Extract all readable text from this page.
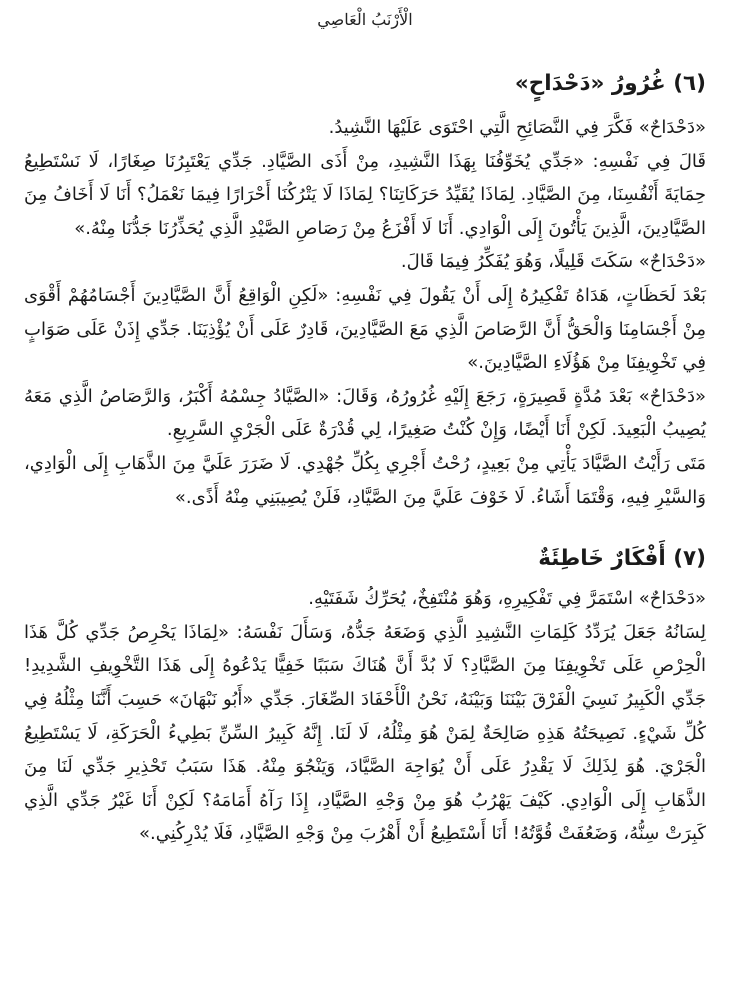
الْأَرْنَبُ الْعَاصِي
(٦) غُرُورُ «دَحْدَاحٍ»

«دَحْدَاحٌ» فَكَّرَ فِي النَّصَائِحِ الَّتِي احْتَوَى عَلَيْهَا النَّشِيدُ.

قَالَ فِي نَفْسِهِ: «جَدِّي يُخَوِّفُنَا بِهَذَا النَّشِيدِ، مِنْ أَذَى الصَّيَّادِ. جَدِّي يَعْتَبِرُنَا صِغَارًا، لَا نَسْتَطِيعُ حِمَايَةَ أَنْفُسِنَا، مِنَ الصَّيَّادِ. لِمَاذَا يُقَيِّدُ حَرَكَاتِنَا؟ لِمَاذَا لَا يَتْرُكُنَا أَحْرَارًا فِيمَا نَعْمَلُ؟ أَنَا لَا أَخَافُ مِنَ الصَّيَّادِينَ، الَّذِينَ يَأْتُونَ إِلَى الْوَادِي. أَنَا لَا أَفْزَعُ مِنْ رَصَاصِ الصَّيْدِ الَّذِي يُحَذِّرُنَا جَدُّنَا مِنْهُ.»

«دَحْدَاحٌ» سَكَتَ قَلِيلًا، وَهُوَ يُفَكِّرُ فِيمَا قَالَ.

بَعْدَ لَحَظَاتٍ، هَدَاهُ تَفْكِيرُهُ إِلَى أَنْ يَقُولَ فِي نَفْسِهِ: «لَكِنِ الْوَاقِعُ أَنَّ الصَّيَّادِينَ أَجْسَامُهُمْ أَقْوَى مِنْ أَجْسَامِنَا وَالْحَقُّ أَنَّ الرَّصَاصَ الَّذِي مَعَ الصَّيَّادِينَ، قَادِرٌ عَلَى أَنْ يُؤْذِيَنَا. جَدِّي إِذَنْ عَلَى صَوَابٍ فِي تَخْوِيفِنَا مِنْ هَؤُلَاءِ الصَّيَّادِينَ.»

«دَحْدَاحٌ» بَعْدَ مُدَّةٍ قَصِيرَةٍ، رَجَعَ إِلَيْهِ غُرُورُهُ، وَقَالَ: «الصَّيَّادُ جِسْمُهُ أَكْبَرُ، وَالرَّصَاصُ الَّذِي مَعَهُ يُصِيبُ الْبَعِيدَ. لَكِنْ أَنَا أَيْضًا، وَإِنْ كُنْتُ صَغِيرًا، لِي قُدْرَةٌ عَلَى الْجَرْيِ السَّرِيعِ.

مَتَى رَأَيْتُ الصَّيَّادَ يَأْتِي مِنْ بَعِيدٍ، رُحْتُ أَجْرِي بِكُلِّ جُهْدِي. لَا ضَرَرَ عَلَيَّ مِنَ الذَّهَابِ إِلَى الْوَادِي، وَالسَّيْرِ فِيهِ، وَقْتَمَا أَشَاءُ. لَا خَوْفَ عَلَيَّ مِنَ الصَّيَّادِ، فَلَنْ يُصِيبَنِي مِنْهُ أَذًى.»

(٧) أَفْكَارٌ خَاطِئَةٌ

«دَحْدَاحٌ» اسْتَمَرَّ فِي تَفْكِيرِهِ، وَهُوَ مُنْتَفِخٌ، يُحَرِّكُ شَفَتَيْهِ.

لِسَانُهُ جَعَلَ يُرَدِّدُ كَلِمَاتِ النَّشِيدِ الَّذِي وَضَعَهُ جَدُّهُ، وَسَأَلَ نَفْسَهُ: «لِمَاذَا يَحْرِصُ جَدِّي كُلَّ هَذَا الْحِرْصِ عَلَى تَخْوِيفِنَا مِنَ الصَّيَّادِ؟ لَا بُدَّ أَنَّ هُنَاكَ سَبَبًا خَفِيًّا يَدْعُوهُ إِلَى هَذَا التَّخْوِيفِ الشَّدِيدِ! جَدِّي الْكَبِيرُ نَسِيَ الْفَرْقَ بَيْنَنَا وَبَيْنَهُ، نَحْنُ الْأَحْفَادَ الصِّغَارَ. جَدِّي «أَبُو نَبْهَانَ» حَسِبَ أَنَّنَا مِثْلُهُ فِي كُلِّ شَيْءٍ. نَصِيحَتُهُ هَذِهِ صَالِحَةٌ لِمَنْ هُوَ مِثْلُهُ، لَا لَنَا. إِنَّهُ كَبِيرُ السِّنِّ بَطِيءُ الْحَرَكَةِ، لَا يَسْتَطِيعُ الْجَرْيَ. هُوَ لِذَلِكَ لَا يَقْدِرُ عَلَى أَنْ يُوَاجِهَ الصَّيَّادَ، وَيَنْجُوَ مِنْهُ. هَذَا سَبَبُ تَحْذِيرِ جَدِّي لَنَا مِنَ الذَّهَابِ إِلَى الْوَادِي. كَيْفَ يَهْرُبُ هُوَ مِنْ وَجْهِ الصَّيَّادِ، إِذَا رَآهُ أَمَامَهُ؟ لَكِنْ أَنَا غَيْرُ جَدِّي الَّذِي كَبِرَتْ سِنُّهُ، وَضَعُفَتْ قُوَّتُهُ! أَنَا أَسْتَطِيعُ أَنْ أَهْرُبَ مِنْ وَجْهِ الصَّيَّادِ، فَلَا يُدْرِكُنِي.»
